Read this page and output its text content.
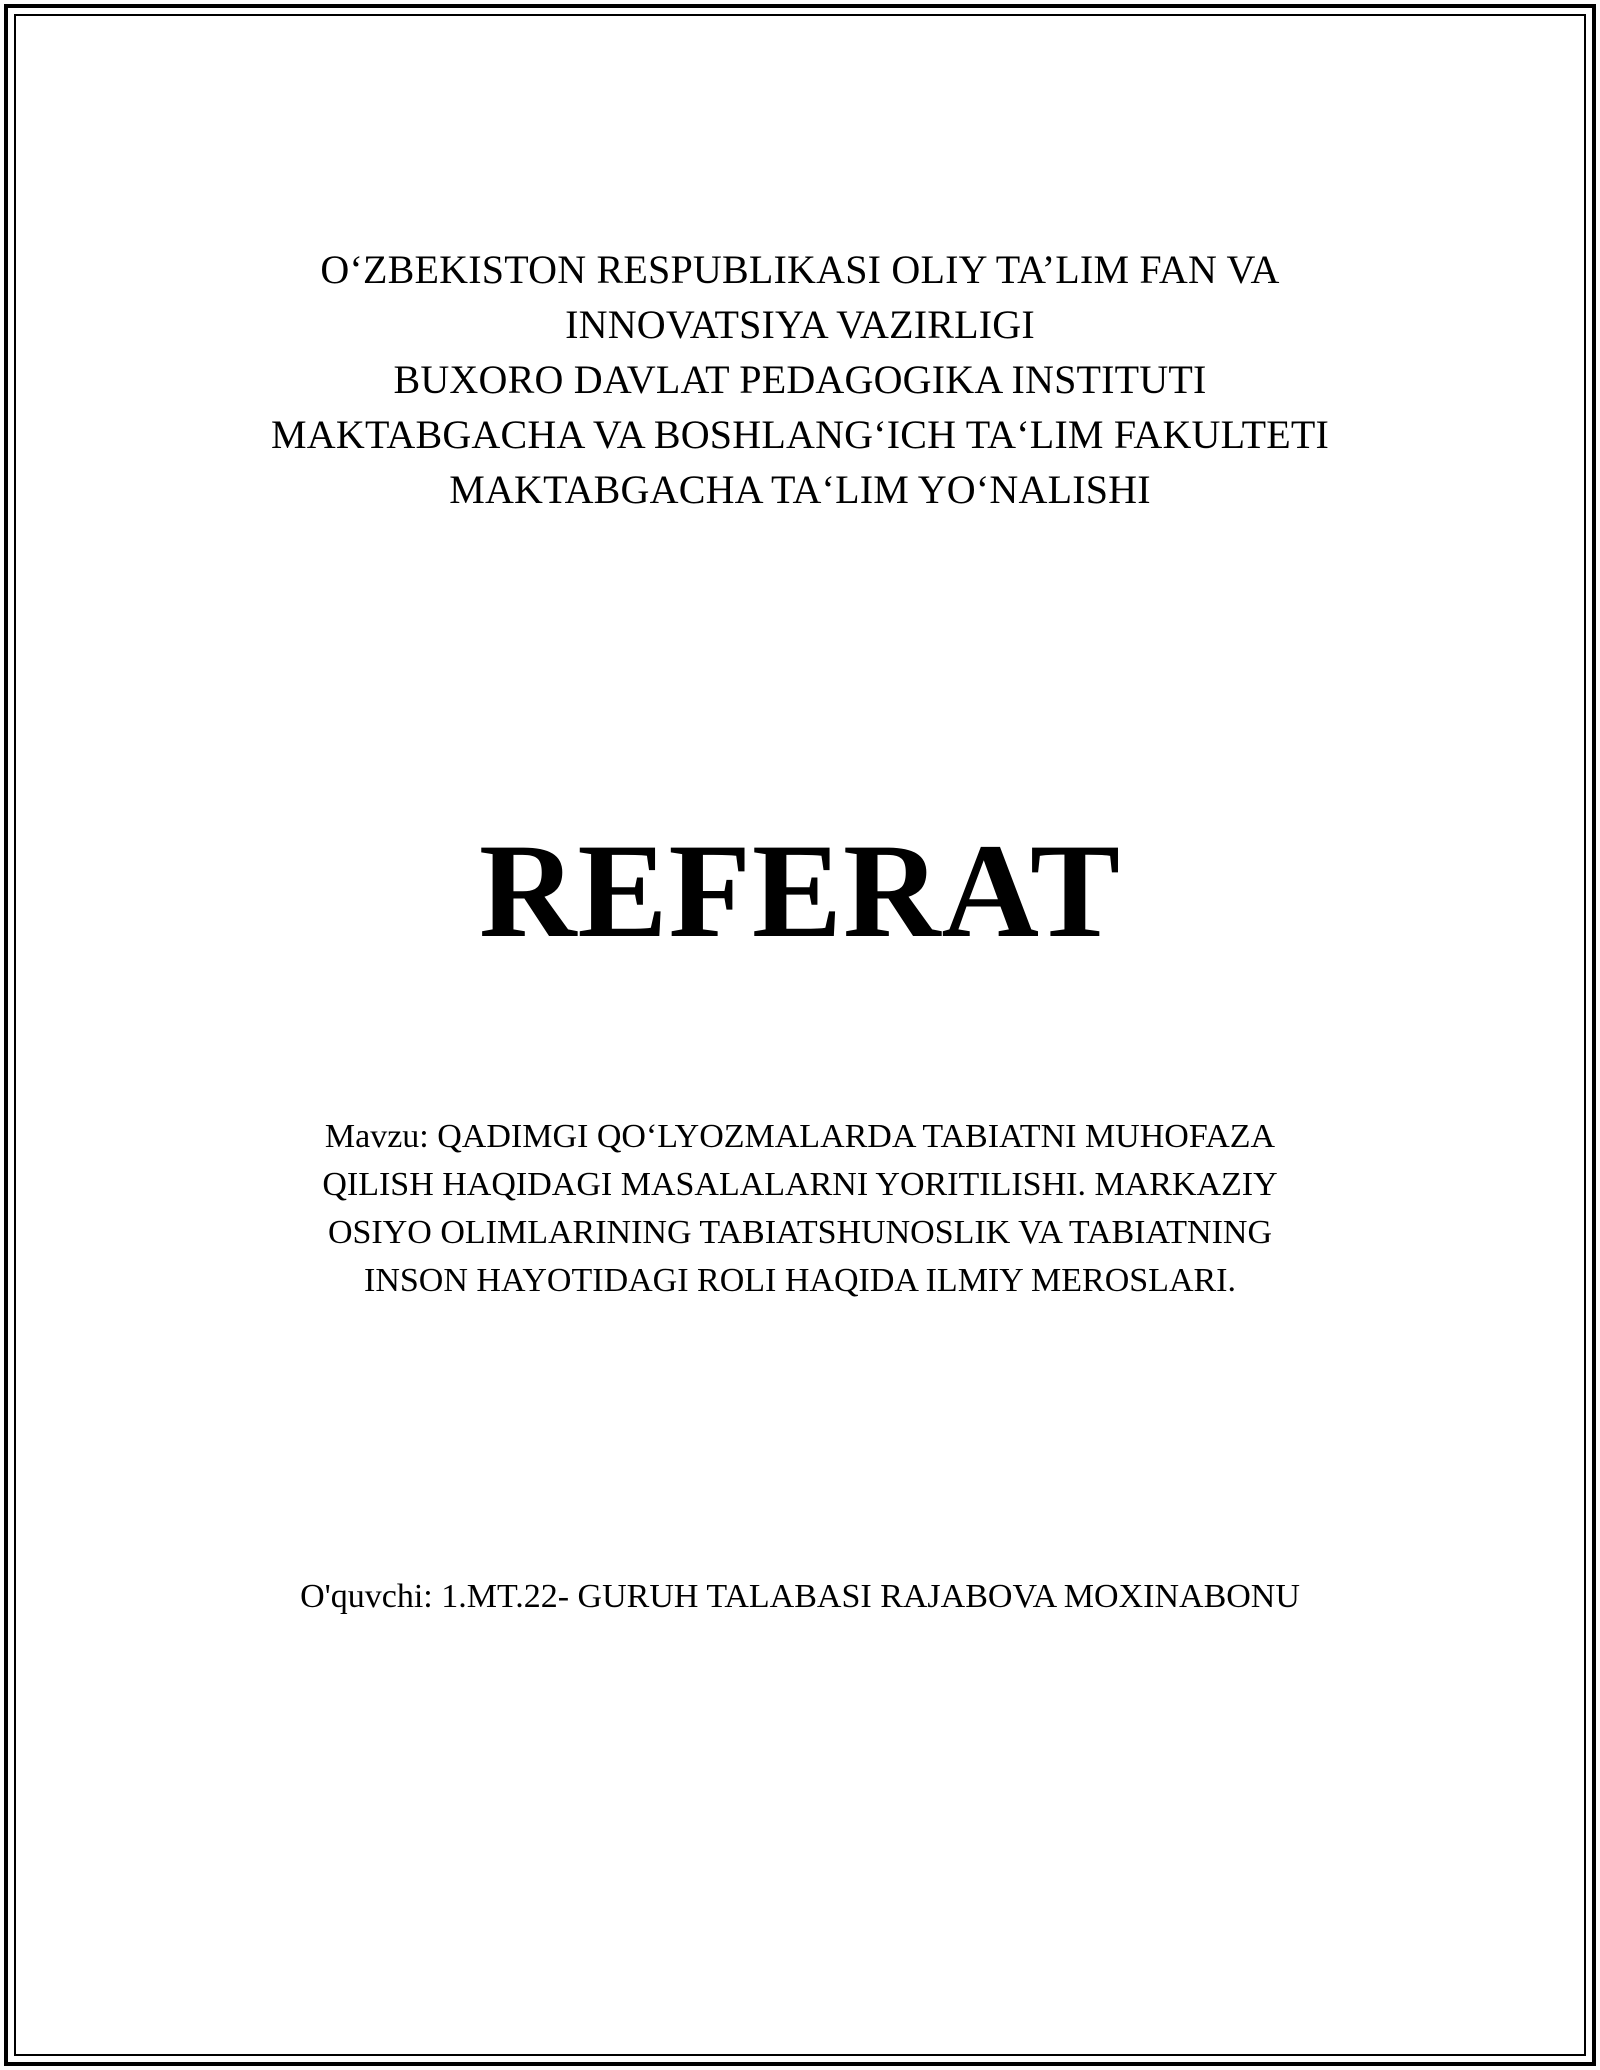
O‘ZBEKISTON RESPUBLIKASI OLIY TA’LIM FAN VA
INNOVATSIYA VAZIRLIGI
BUXORO DAVLAT PEDAGOGIKA INSTITUTI
MAKTABGACHA VA BOSHLANG‘ICH TA‘LIM FAKULTETI
MAKTABGACHA TA‘LIM YO‘NALISHI
REFERAT
Mavzu: QADIMGI QO‘LYOZMALARDA TABIATNI MUHOFAZA
QILISH HAQIDAGI MASALALARNI YORITILISHI. MARKAZIY
OSIYO OLIMLARINING TABIATSHUNOSLIK VA TABIATNING
INSON HAYOTIDAGI ROLI HAQIDA ILMIY MEROSLARI.
O'quvchi: 1.MT.22- GURUH TALABASI RAJABOVA MOXINABONU
